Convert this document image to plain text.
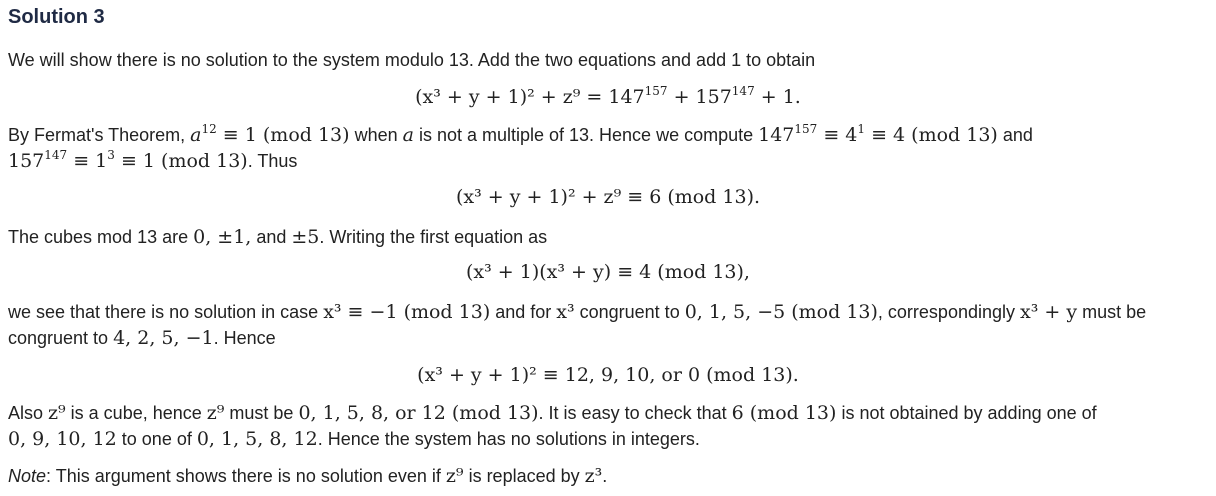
Solution 3
We will show there is no solution to the system modulo 13. Add the two equations and add 1 to obtain
$(x^3 + y + 1)^2 + z^9 = 147^{157} + 157^{147} + 1$.
By Fermat's Theorem, $a^{12} \equiv 1$ (mod 13) when a is not a multiple of 13. Hence we compute $147^{157} \equiv 4^1 \equiv 4$ (mod 13) and
$157^{147} \equiv 1^3 \equiv 1$ (mod 13). Thus
(x³ + y + 1)² + z⁹ ≡ 6 (mod 13).
The cubes mod 13 are 0, ±1, and ±5. Writing the first equation as
(x³ + 1)(x³ + y) ≡ 4 (mod 13),
we see that there is no solution in case x³ ≡ −1 (mod 13) and for x³ congruent to 0, 1, 5, −5 (mod 13), correspondingly x³ + y must be
congruent to 4, 2, 5, −1. Hence
(x³ + y + 1)² ≡ 12, 9, 10, or 0 (mod 13).
Also z⁹ is a cube, hence z⁹ must be 0, 1, 5, 8, or 12 (mod 13). It is easy to check that 6 (mod 13) is not obtained by adding one of
0, 9, 10, 12 to one of 0, 1, 5, 8, 12. Hence the system has no solutions in integers.
Note: This argument shows there is no solution even if z⁹ is replaced by z³.
